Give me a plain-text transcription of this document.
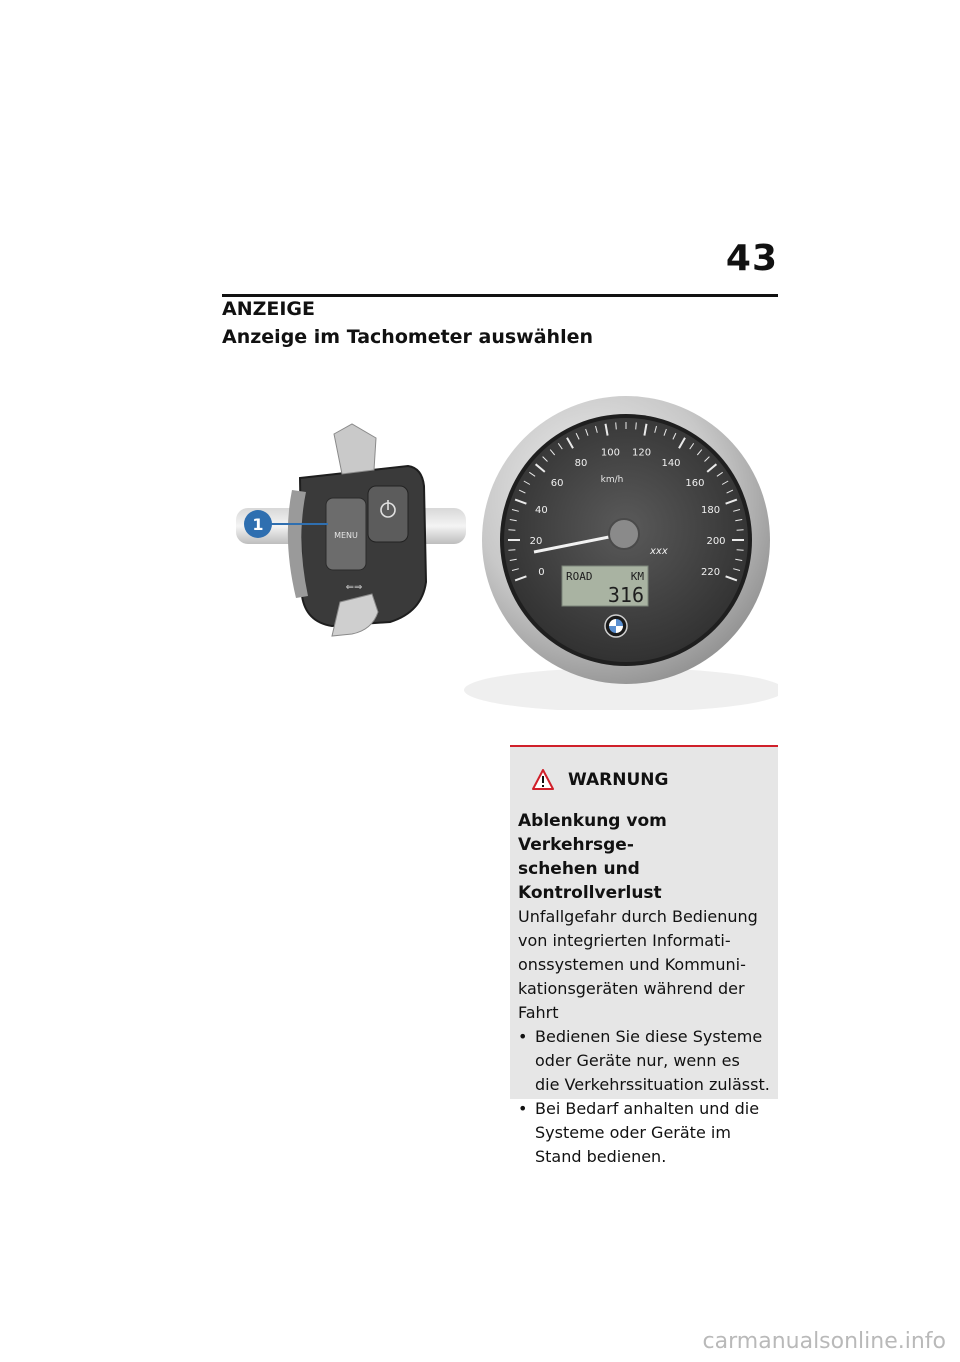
43
ANZEIGE
Anzeige im Tachometer auswählen
MENU
⇐⇒
1
0
20
40
60
80
100 120
140
160
180
200
220
km/h
xxx
ROAD	KM
316
WARNUNG
Ablenkung vom Verkehrsge-
schehen und Kontrollverlust
Unfallgefahr durch Bedienung
von integrierten Informati-
onssystemen und Kommuni-
kationsgeräten während der
Fahrt
• Bedienen Sie diese Systeme
oder Geräte nur, wenn es
die Verkehrssituation zulässt.
• Bei Bedarf anhalten und die
Systeme oder Geräte im
Stand bedienen.
carmanualsonline.info
